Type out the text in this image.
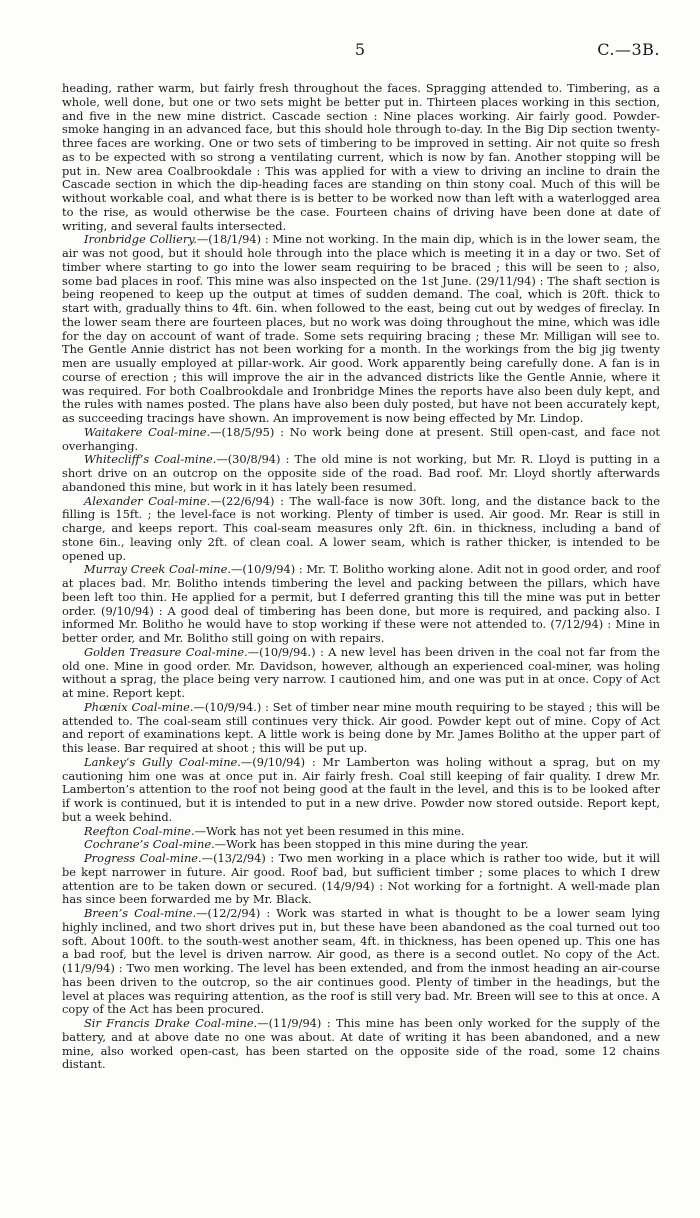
5	C.—3B.

heading, rather warm, but fairly fresh throughout the faces. Spragging attended to. Timbering, as a whole, well done, but one or two sets might be better put in. Thirteen places working in this section, and five in the new mine district. Cascade section : Nine places working. Air fairly good. Powder-smoke hanging in an advanced face, but this should hole through to-day. In the Big Dip section twenty-three faces are working. One or two sets of timbering to be improved in setting. Air not quite so fresh as to be expected with so strong a ventilating current, which is now by fan. Another stopping will be put in. New area Coalbrookdale : This was applied for with a view to driving an incline to drain the Cascade section in which the dip-heading faces are standing on thin stony coal. Much of this will be without workable coal, and what there is is better to be worked now than left with a waterlogged area to the rise, as would otherwise be the case. Fourteen chains of driving have been done at date of writing, and several faults intersected.

Ironbridge Colliery.—(18/1/94) : Mine not working. In the main dip, which is in the lower seam, the air was not good, but it should hole through into the place which is meeting it in a day or two. Set of timber where starting to go into the lower seam requiring to be braced ; this will be seen to ; also, some bad places in roof. This mine was also inspected on the 1st June. (29/11/94) : The shaft section is being reopened to keep up the output at times of sudden demand. The coal, which is 20ft. thick to start with, gradually thins to 4ft. 6in. when followed to the east, being cut out by wedges of fireclay. In the lower seam there are fourteen places, but no work was doing throughout the mine, which was idle for the day on account of want of trade. Some sets requiring bracing ; these Mr. Milligan will see to. The Gentle Annie district has not been working for a month. In the workings from the big jig twenty men are usually employed at pillar-work. Air good. Work apparently being carefully done. A fan is in course of erection ; this will improve the air in the advanced districts like the Gentle Annie, where it was required. For both Coalbrookdale and Ironbridge Mines the reports have also been duly kept, and the rules with names posted. The plans have also been duly posted, but have not been accurately kept, as succeeding tracings have shown. An improvement is now being effected by Mr. Lindop.

Waitakere Coal-mine.—(18/5/95) : No work being done at present. Still open-cast, and face not overhanging.

Whitecliff’s Coal-mine.—(30/8/94) : The old mine is not working, but Mr. R. Lloyd is putting in a short drive on an outcrop on the opposite side of the road. Bad roof. Mr. Lloyd shortly afterwards abandoned this mine, but work in it has lately been resumed.

Alexander Coal-mine.—(22/6/94) : The wall-face is now 30ft. long, and the distance back to the filling is 15ft. ; the level-face is not working. Plenty of timber is used. Air good. Mr. Rear is still in charge, and keeps report. This coal-seam measures only 2ft. 6in. in thickness, including a band of stone 6in., leaving only 2ft. of clean coal. A lower seam, which is rather thicker, is intended to be opened up.

Murray Creek Coal-mine.—(10/9/94) : Mr. T. Bolitho working alone. Adit not in good order, and roof at places bad. Mr. Bolitho intends timbering the level and packing between the pillars, which have been left too thin. He applied for a permit, but I deferred granting this till the mine was put in better order. (9/10/94) : A good deal of timbering has been done, but more is required, and packing also. I informed Mr. Bolitho he would have to stop working if these were not attended to. (7/12/94) : Mine in better order, and Mr. Bolitho still going on with repairs.

Golden Treasure Coal-mine.—(10/9/94.) : A new level has been driven in the coal not far from the old one. Mine in good order. Mr. Davidson, however, although an experienced coal-miner, was holing without a sprag, the place being very narrow. I cautioned him, and one was put in at once. Copy of Act at mine. Report kept.

Phœnix Coal-mine.—(10/9/94.) : Set of timber near mine mouth requiring to be stayed ; this will be attended to. The coal-seam still continues very thick. Air good. Powder kept out of mine. Copy of Act and report of examinations kept. A little work is being done by Mr. James Bolitho at the upper part of this lease. Bar required at shoot ; this will be put up.

Lankey’s Gully Coal-mine.—(9/10/94) : Mr Lamberton was holing without a sprag, but on my cautioning him one was at once put in. Air fairly fresh. Coal still keeping of fair quality. I drew Mr. Lamberton’s attention to the roof not being good at the fault in the level, and this is to be looked after if work is continued, but it is intended to put in a new drive. Powder now stored outside. Report kept, but a week behind.

Reefton Coal-mine.—Work has not yet been resumed in this mine.

Cochrane’s Coal-mine.—Work has been stopped in this mine during the year.

Progress Coal-mine.—(13/2/94) : Two men working in a place which is rather too wide, but it will be kept narrower in future. Air good. Roof bad, but sufficient timber ; some places to which I drew attention are to be taken down or secured. (14/9/94) : Not working for a fortnight. A well-made plan has since been forwarded me by Mr. Black.

Breen’s Coal-mine.—(12/2/94) : Work was started in what is thought to be a lower seam lying highly inclined, and two short drives put in, but these have been abandoned as the coal turned out too soft. About 100ft. to the south-west another seam, 4ft. in thickness, has been opened up. This one has a bad roof, but the level is driven narrow. Air good, as there is a second outlet. No copy of the Act. (11/9/94) : Two men working. The level has been extended, and from the inmost heading an air-course has been driven to the outcrop, so the air continues good. Plenty of timber in the headings, but the level at places was requiring attention, as the roof is still very bad. Mr. Breen will see to this at once. A copy of the Act has been procured.

Sir Francis Drake Coal-mine.—(11/9/94) : This mine has been only worked for the supply of the battery, and at above date no one was about. At date of writing it has been abandoned, and a new mine, also worked open-cast, has been started on the opposite side of the road, some 12 chains distant.
